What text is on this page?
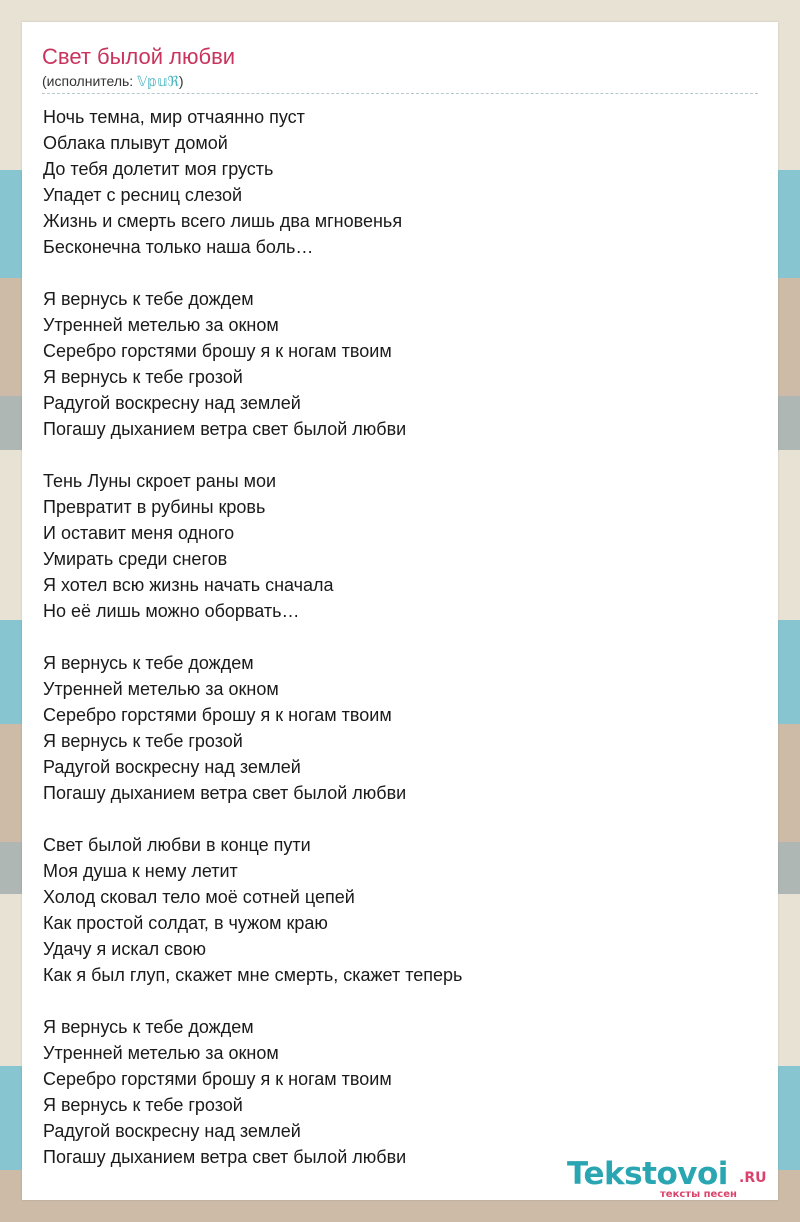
Свет былой любви
(исполнитель: 𝕍𝕡𝕦ℜ)
Ночь темна, мир отчаянно пуст
Облака плывут домой
До тебя долетит моя грусть
Упадет с ресниц слезой
Жизнь и смерть всего лишь два мгновенья
Бесконечна только наша боль…
Я вернусь к тебе дождем
Утренней метелью за окном
Серебро горстями брошу я к ногам твоим
Я вернусь к тебе грозой
Радугой воскресну над землей
Погашу дыханием ветра свет былой любви
Тень Луны скроет раны мои
Превратит в рубины кровь
И оставит меня одного
Умирать среди снегов
Я хотел всю жизнь начать сначала
Но её лишь можно оборвать…
Я вернусь к тебе дождем
Утренней метелью за окном
Серебро горстями брошу я к ногам твоим
Я вернусь к тебе грозой
Радугой воскресну над землей
Погашу дыханием ветра свет былой любви
Свет былой любви в конце пути
Моя душа к нему летит
Холод сковал тело моё сотней цепей
Как простой солдат, в чужом краю
Удачу я искал свою
Как я был глуп, скажет мне смерть, скажет теперь
Я вернусь к тебе дождем
Утренней метелью за окном
Серебро горстями брошу я к ногам твоим
Я вернусь к тебе грозой
Радугой воскресну над землей
Погашу дыханием ветра свет былой любви	Tekstovoi .RU
тексты песен
